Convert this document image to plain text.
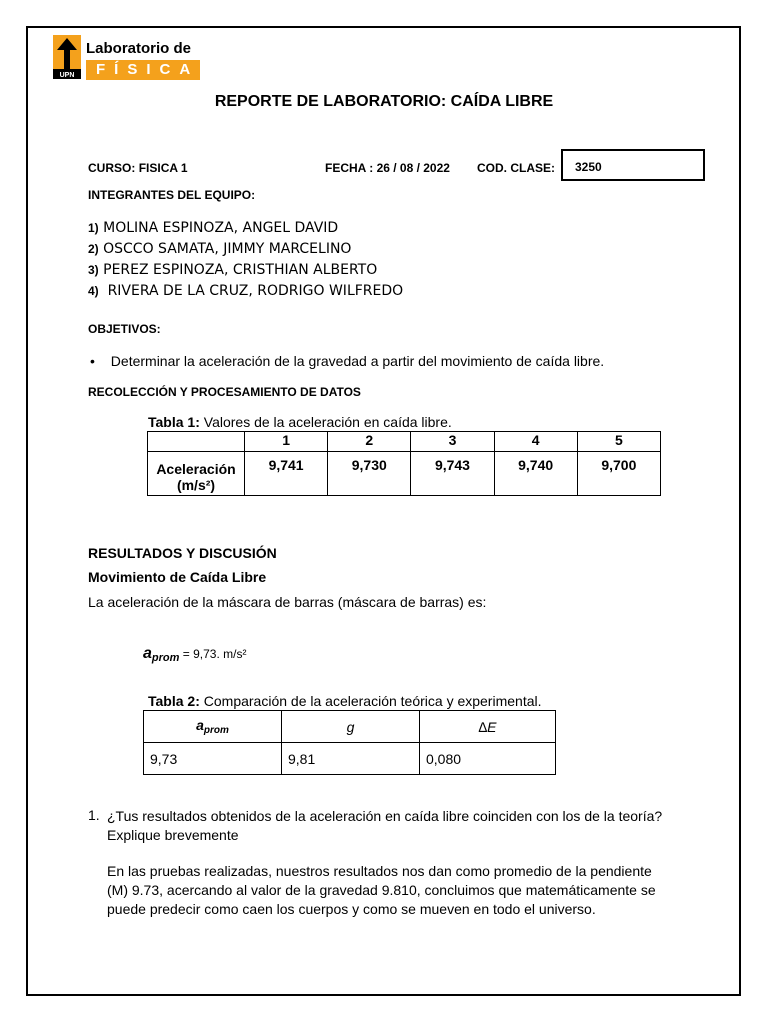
UPN
Laboratorio de
FÍSICA
REPORTE DE LABORATORIO: CAÍDA LIBRE
CURSO: FISICA 1	FECHA : 26 / 08 / 2022 COD. CLASE:	3250
INTEGRANTES DEL EQUIPO:
1) MOLINA ESPINOZA, ANGEL DAVID
2) OSCCO SAMATA, JIMMY MARCELINO
3) PEREZ ESPINOZA, CRISTHIAN ALBERTO
4) RIVERA DE LA CRUZ, RODRIGO WILFREDO
OBJETIVOS:
• Determinar la aceleración de la gravedad a partir del movimiento de caída libre.
RECOLECCIÓN Y PROCESAMIENTO DE DATOS
Tabla 1: Valores de la aceleración en caída libre.
	1	2	3	4	5
Aceleración
(m/s²)	9,741	9,730	9,743	9,740	9,700
RESULTADOS Y DISCUSIÓN
Movimiento de Caída Libre
La aceleración de la máscara de barras (máscara de barras) es:
$a_{prom} = 9,73$. m/s²
Tabla 2: Comparación de la aceleración teórica y experimental.
$a_{prom}$	g	∆E
9,73	9,81	0,080
1. ¿Tus resultados obtenidos de la aceleración en caída libre coinciden con los de la teoría?
Explique brevemente
En las pruebas realizadas, nuestros resultados nos dan como promedio de la pendiente
(M) 9.73, acercando al valor de la gravedad 9.810, concluimos que matemáticamente se
puede predecir como caen los cuerpos y como se mueven en todo el universo.
